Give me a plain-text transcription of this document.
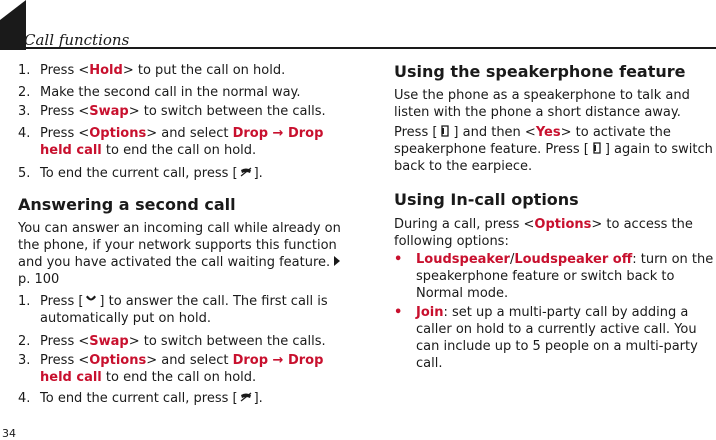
Call functions
1. Press <Hold> to put the call on hold.
2. Make the second call in the normal way.
3. Press <Swap> to switch between the calls.
4. Press <Options> and select Drop → Drop held call to end the call on hold.
5. To end the current call, press [ ].
Answering a second call
You can answer an incoming call while already on the phone, if your network supports this function and you have activated the call waiting feature.p. 100
1. Press [ ] to answer the call. The first call is automatically put on hold.
2. Press <Swap> to switch between the calls.
3. Press <Options> and select Drop → Drop held call to end the call on hold.
4. To end the current call, press [ ].
Using the speakerphone feature
Use the phone as a speakerphone to talk and listen with the phone a short distance away.
Press [ ] and then <Yes> to activate the speakerphone feature. Press [ ] again to switch back to the earpiece.
Using In-call options
During a call, press <Options> to access the following options:
• Loudspeaker/Loudspeaker off: turn on the speakerphone feature or switch back to Normal mode.
• Join: set up a multi-party call by adding a caller on hold to a currently active call. You can include up to 5 people on a multi-party call.
34
